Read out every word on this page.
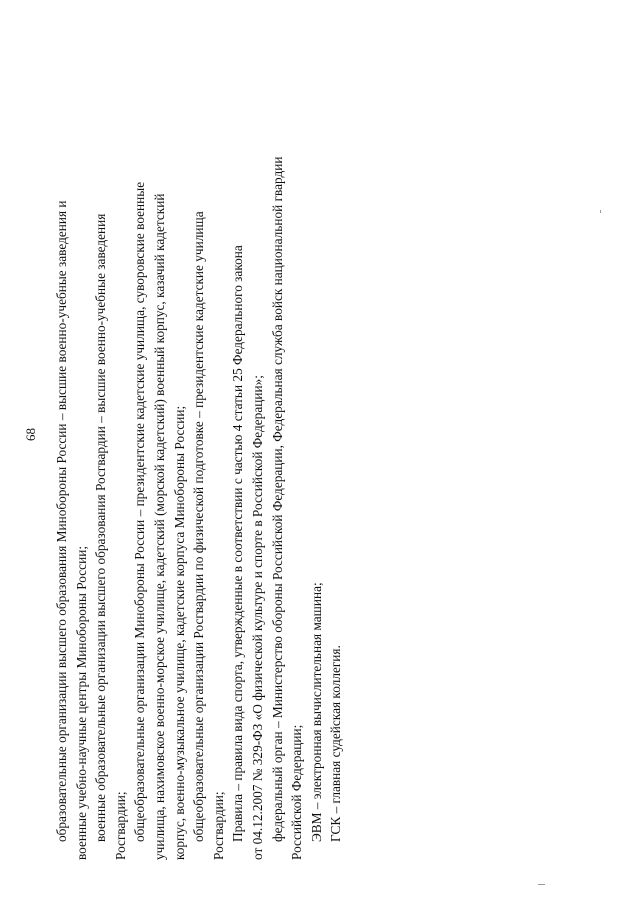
68 образовательные организации высшего образования Минобороны России – высшие военно-учебные заведения и военные учебно-научные центры Минобороны России; военные образовательные организации высшего образования Росгвардии – высшие военно-учебные заведения Росгвардии; общеобразовательные организации Минобороны России – президентские кадетские училища, суворовские военные училища, нахимовское военно-морское училище, кадетский (морской кадетский) военный корпус, казачий кадетский корпус, военно-музыкальное училище, кадетские корпуса Минобороны России; общеобразовательные организации Росгвардии по физической подготовке – президентские кадетские училища Росгвардии; Правила – правила вида спорта, утвержденные в соответствии с частью 4 статьи 25 Федерального закона от 04.12.2007 № 329-ФЗ «О физической культуре и спорте в Российской Федерации»; федеральный орган – Министерство обороны Российской Федерации, Федеральная служба войск национальной гвардии Российской Федерации; ЭВМ – электронная вычислительная машина; ГСК – главная судейская коллегия.
